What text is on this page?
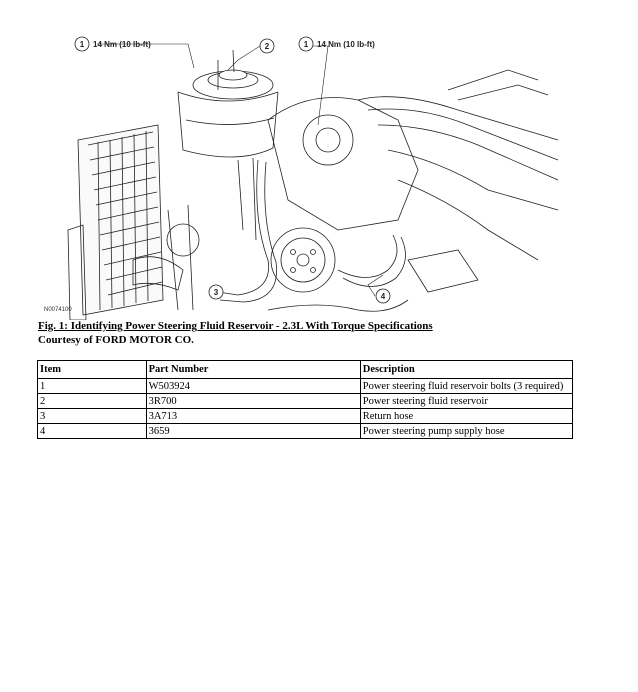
1 14 Nm (10 lb-ft)	2	1 14 Nm (10 lb-ft)
3	4
N0074100
Fig. 1: Identifying Power Steering Fluid Reservoir - 2.3L With Torque Specifications
Courtesy of FORD MOTOR CO.
Item	Part Number	Description
1	W503924	Power steering fluid reservoir bolts (3 required)
2	3R700	Power steering fluid reservoir
3	3A713	Return hose
4	3659	Power steering pump supply hose
